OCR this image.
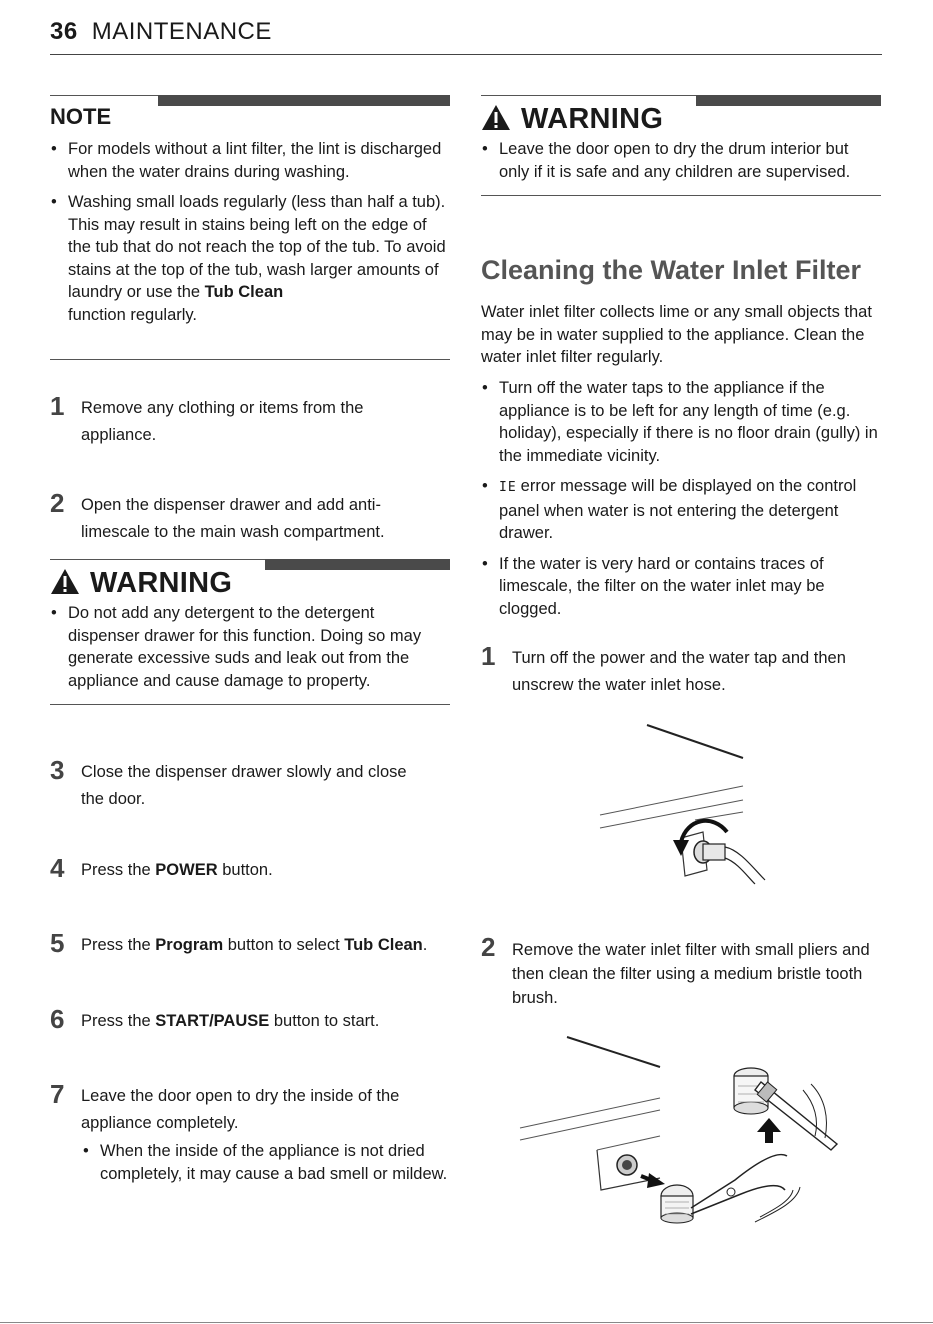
36 MAINTENANCE
NOTE
• For models without a lint filter, the lint is discharged when the water drains during washing.
• Washing small loads regularly (less than half a tub). This may result in stains being left on the edge of the tub that do not reach the top of the tub. To avoid stains at the top of the tub, wash larger amounts of laundry or use the Tub Clean
function regularly.
1 Remove any clothing or items from the appliance.
2 Open the dispenser drawer and add anti-limescale to the main wash compartment.
WARNING
• Do not add any detergent to the detergent dispenser drawer for this function. Doing so may generate excessive suds and leak out from the appliance and cause damage to property.
3 Close the dispenser drawer slowly and close the door.
4 Press the POWER button.
5 Press the Program button to select Tub Clean.
6 Press the START/PAUSE button to start.
7 Leave the door open to dry the inside of the appliance completely.
• When the inside of the appliance is not dried completely, it may cause a bad smell or mildew.
WARNING
• Leave the door open to dry the drum interior but only if it is safe and any children are supervised.
Cleaning the Water Inlet Filter
Water inlet filter collects lime or any small objects that may be in water supplied to the appliance. Clean the water inlet filter regularly.
• Turn off the water taps to the appliance if the appliance is to be left for any length of time (e.g. holiday), especially if there is no floor drain (gully) in the immediate vicinity.
• IE error message will be displayed on the control panel when water is not entering the detergent drawer.
• If the water is very hard or contains traces of limescale, the filter on the water inlet may be clogged.
1 Turn off the power and the water tap and then unscrew the water inlet hose.
2 Remove the water inlet filter with small pliers and then clean the filter using a medium bristle tooth brush.
